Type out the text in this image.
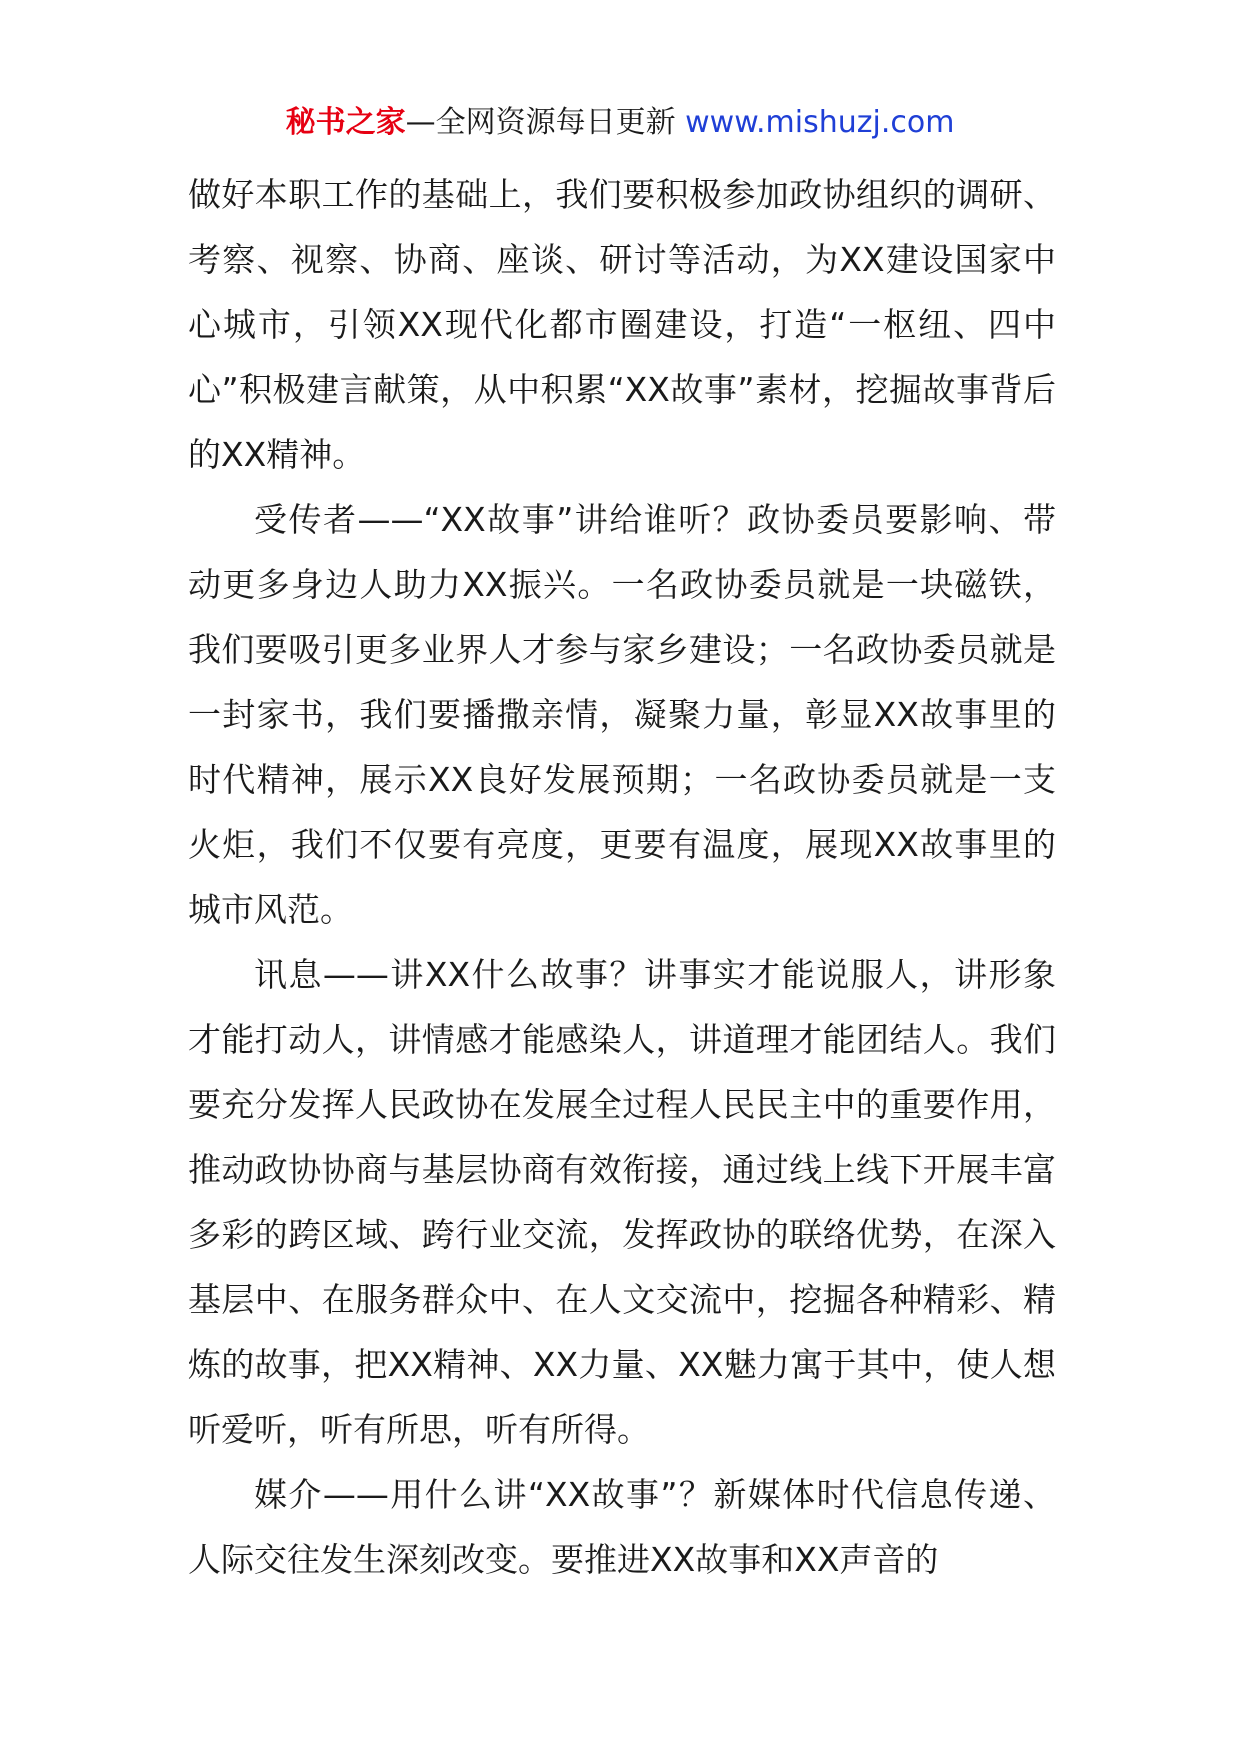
秘书之家—全网资源每日更新 www.mishuzj.com

做好本职工作的基础上，我们要积极参加政协组织的调研、考察、视察、协商、座谈、研讨等活动，为XX建设国家中心城市，引领XX现代化都市圈建设，打造“一枢纽、四中心”积极建言献策，从中积累“XX故事”素材，挖掘故事背后的XX精神。

受传者——“XX故事”讲给谁听？政协委员要影响、带动更多身边人助力XX振兴。一名政协委员就是一块磁铁，我们要吸引更多业界人才参与家乡建设；一名政协委员就是一封家书，我们要播撒亲情，凝聚力量，彰显XX故事里的时代精神，展示XX良好发展预期；一名政协委员就是一支火炬，我们不仅要有亮度，更要有温度，展现XX故事里的城市风范。

讯息——讲XX什么故事？讲事实才能说服人，讲形象才能打动人，讲情感才能感染人，讲道理才能团结人。我们要充分发挥人民政协在发展全过程人民民主中的重要作用，推动政协协商与基层协商有效衔接，通过线上线下开展丰富多彩的跨区域、跨行业交流，发挥政协的联络优势，在深入基层中、在服务群众中、在人文交流中，挖掘各种精彩、精炼的故事，把XX精神、XX力量、XX魅力寓于其中，使人想听爱听，听有所思，听有所得。

媒介——用什么讲“XX故事”？新媒体时代信息传递、人际交往发生深刻改变。要推进XX故事和XX声音的
